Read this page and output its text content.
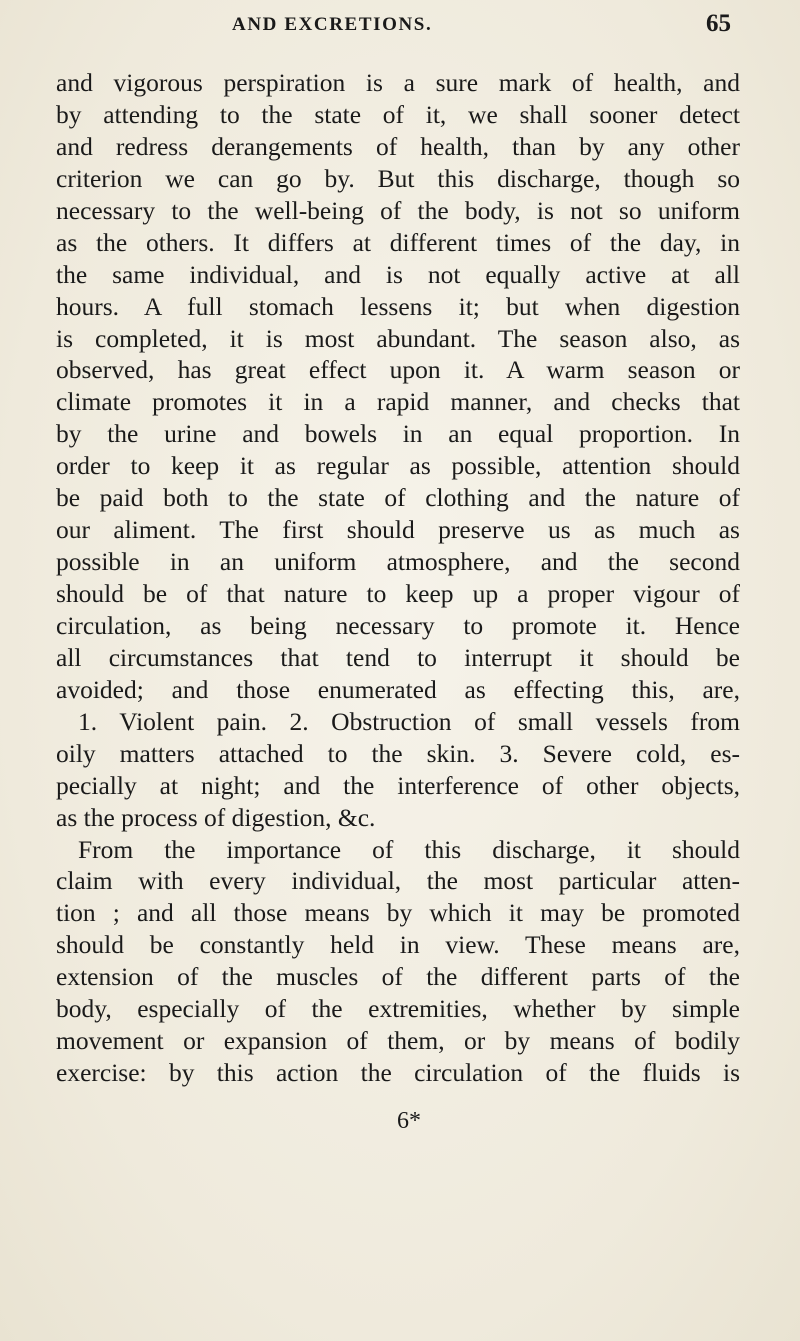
AND EXCRETIONS.	65
and vigorous perspiration is a sure mark of health, and
by attending to the state of it, we shall sooner detect
and redress derangements of health, than by any other
criterion we can go by. But this discharge, though so
necessary to the well-being of the body, is not so uniform
as the others. It differs at different times of the day, in
the same individual, and is not equally active at all
hours. A full stomach lessens it; but when digestion
is completed, it is most abundant. The season also, as
observed, has great effect upon it. A warm season or
climate promotes it in a rapid manner, and checks that
by the urine and bowels in an equal proportion. In
order to keep it as regular as possible, attention should
be paid both to the state of clothing and the nature of
our aliment. The first should preserve us as much as
possible in an uniform atmosphere, and the second
should be of that nature to keep up a proper vigour of
circulation, as being necessary to promote it. Hence
all circumstances that tend to interrupt it should be
avoided; and those enumerated as effecting this, are,
1. Violent pain. 2. Obstruction of small vessels from
oily matters attached to the skin. 3. Severe cold, es-
pecially at night; and the interference of other objects,
as the process of digestion, &c.
From the importance of this discharge, it should
claim with every individual, the most particular atten-
tion ; and all those means by which it may be promoted
should be constantly held in view. These means are,
extension of the muscles of the different parts of the
body, especially of the extremities, whether by simple
movement or expansion of them, or by means of bodily
exercise: by this action the circulation of the fluids is
6*
